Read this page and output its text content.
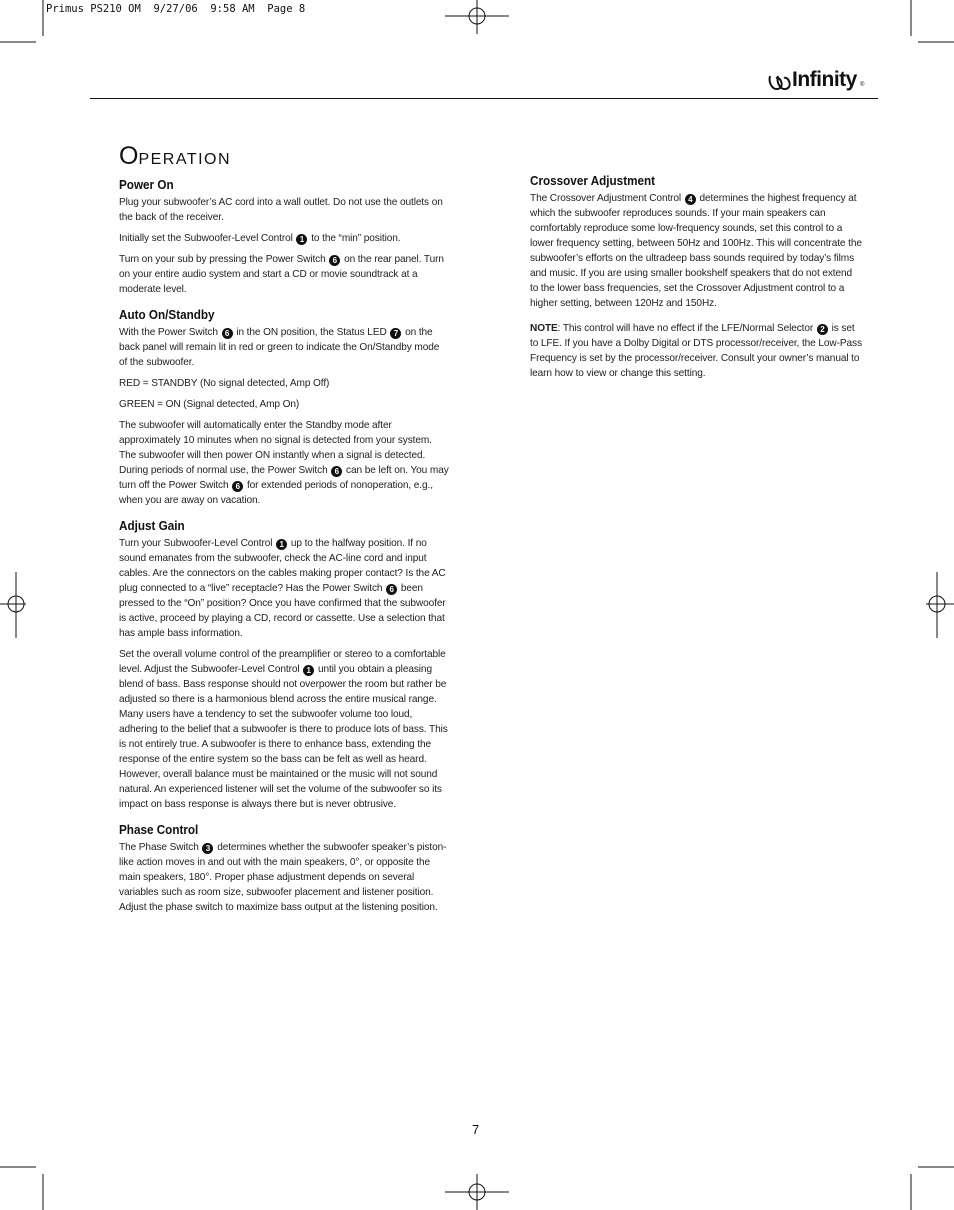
Primus PS210 OM  9/27/06  9:58 AM  Page 8
Infinity ®
OPERATION
Power On

Plug your subwoofer’s AC cord into a wall outlet. Do not use the outlets on the back of the receiver.

Initially set the Subwoofer-Level Control 1 to the “min” position.

Turn on your sub by pressing the Power Switch 6 on the rear panel. Turn on your entire audio system and start a CD or movie soundtrack at a moderate level.

Auto On/Standby

With the Power Switch 6 in the ON position, the Status LED 7 on the back panel will remain lit in red or green to indicate the On/Standby mode of the subwoofer.

RED = STANDBY (No signal detected, Amp Off)

GREEN = ON (Signal detected, Amp On)

The subwoofer will automatically enter the Standby mode after approximately 10 minutes when no signal is detected from your system. The subwoofer will then power ON instantly when a signal is detected. During periods of normal use, the Power Switch 6 can be left on. You may turn off the Power Switch 6 for extended periods of nonoperation, e.g., when you are away on vacation.

Adjust Gain

Turn your Subwoofer-Level Control 1 up to the halfway position. If no sound emanates from the subwoofer, check the AC-line cord and input cables. Are the connectors on the cables making proper contact? Is the AC plug connected to a “live” receptacle? Has the Power Switch 6 been pressed to the “On” position? Once you have confirmed that the subwoofer is active, proceed by playing a CD, record or cassette. Use a selection that has ample bass information.

Set the overall volume control of the preamplifier or stereo to a comfortable level. Adjust the Subwoofer-Level Control 1 until you obtain a pleasing blend of bass. Bass response should not overpower the room but rather be adjusted so there is a harmonious blend across the entire musical range. Many users have a tendency to set the subwoofer volume too loud, adhering to the belief that a subwoofer is there to produce lots of bass. This is not entirely true. A subwoofer is there to enhance bass, extending the response of the entire system so the bass can be felt as well as heard. However, overall balance must be maintained or the music will not sound natural. An experienced listener will set the volume of the subwoofer so its impact on bass response is always there but is never obtrusive.

Phase Control

The Phase Switch 3 determines whether the subwoofer speaker’s piston-like action moves in and out with the main speakers, 0°, or opposite the main speakers, 180°. Proper phase adjustment depends on several variables such as room size, subwoofer placement and listener position. Adjust the phase switch to maximize bass output at the listening position.

Crossover Adjustment

The Crossover Adjustment Control 4 determines the highest frequency at which the subwoofer reproduces sounds. If your main speakers can comfortably reproduce some low-frequency sounds, set this control to a lower frequency setting, between 50Hz and 100Hz. This will concentrate the subwoofer’s efforts on the ultradeep bass sounds required by today’s films and music. If you are using smaller bookshelf speakers that do not extend to the lower bass frequencies, set the Crossover Adjustment control to a higher setting, between 120Hz and 150Hz.

NOTE: This control will have no effect if the LFE/Normal Selector 2 is set to LFE. If you have a Dolby Digital or DTS processor/receiver, the Low-Pass Frequency is set by the processor/receiver. Consult your owner’s manual to learn how to view or change this setting.

7
